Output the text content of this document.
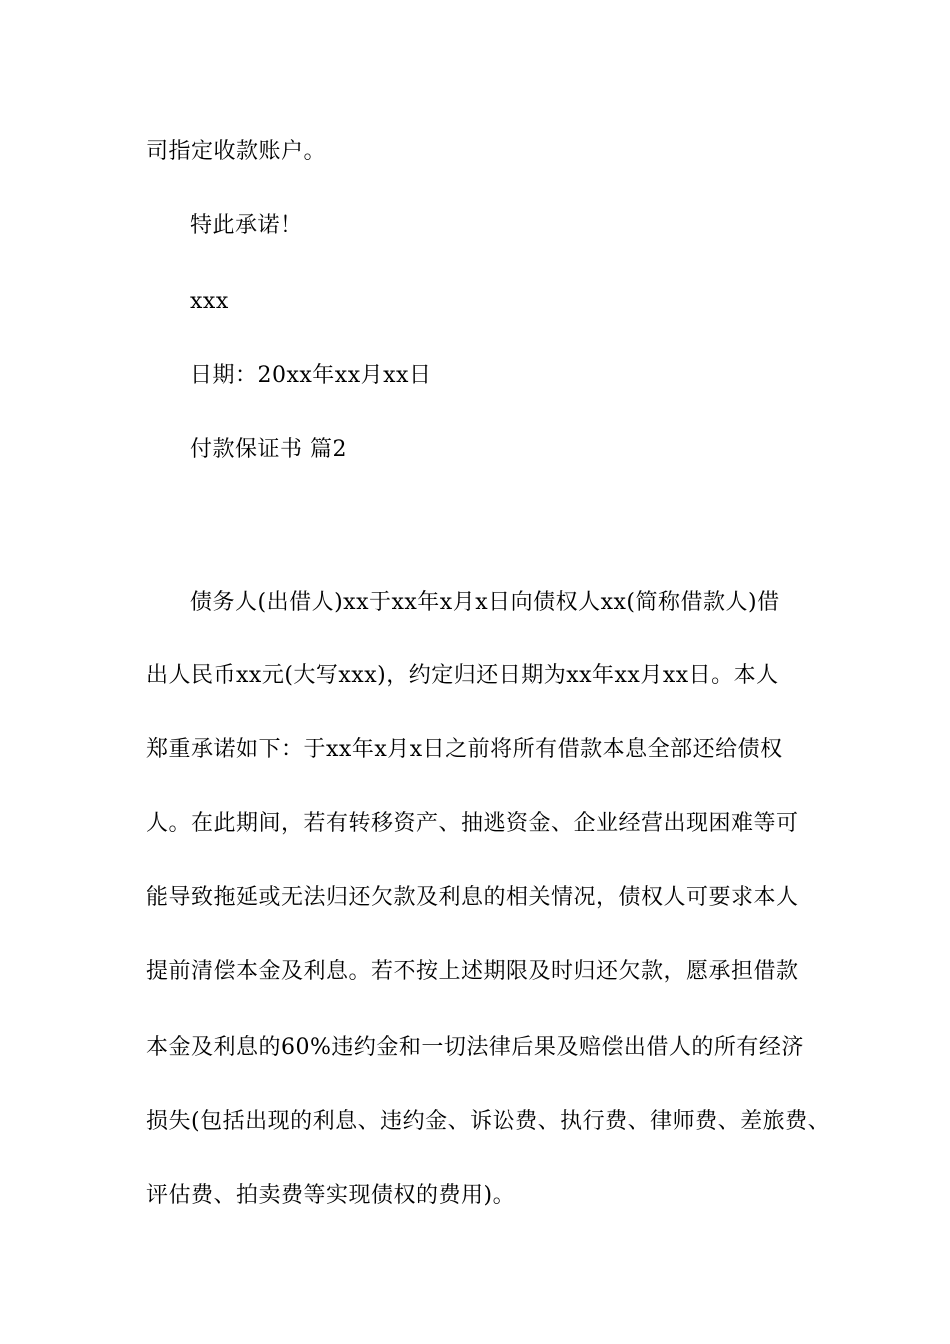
司指定收款账户。
特此承诺！
xxx
日期：20xx年xx月xx日
付款保证书 篇2
债务人(出借人)xx于xx年x月x日向债权人xx(简称借款人)借
出人民币xx元(大写xxx)，约定归还日期为xx年xx月xx日。本人
郑重承诺如下：于xx年x月x日之前将所有借款本息全部还给债权
人。在此期间，若有转移资产、抽逃资金、企业经营出现困难等可
能导致拖延或无法归还欠款及利息的相关情况，债权人可要求本人
提前清偿本金及利息。若不按上述期限及时归还欠款，愿承担借款
本金及利息的60%违约金和一切法律后果及赔偿出借人的所有经济
损失(包括出现的利息、违约金、诉讼费、执行费、律师费、差旅费、
评估费、拍卖费等实现债权的费用)。
